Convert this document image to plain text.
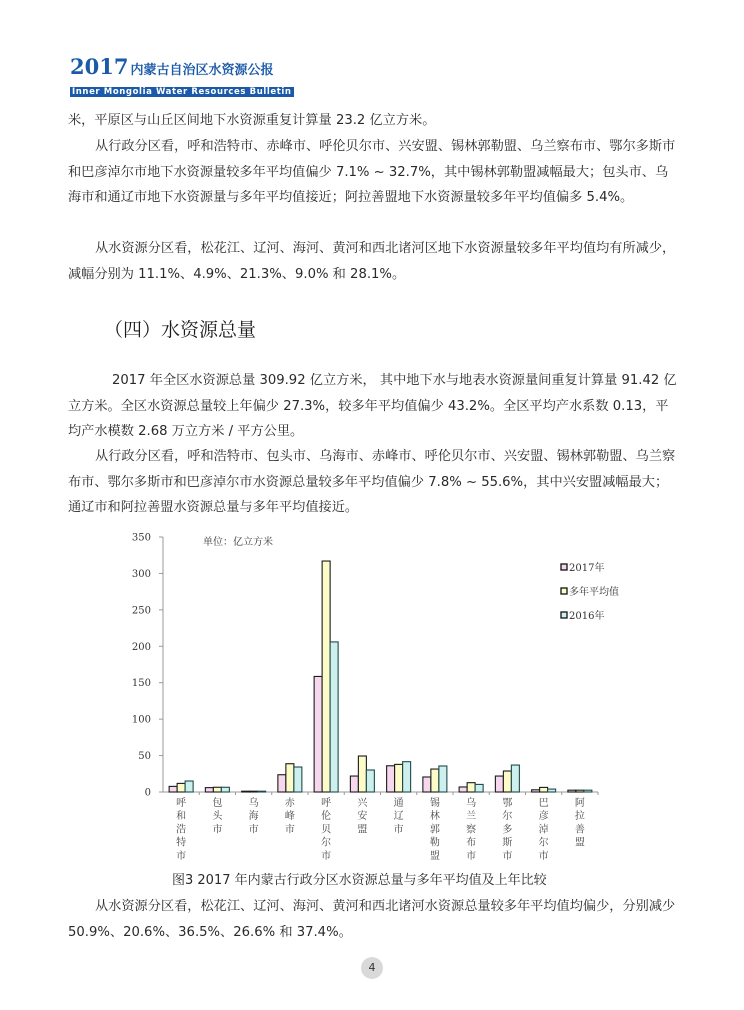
2017 内蒙古自治区水资源公报
Inner Mongolia Water Resources Bulletin
米，平原区与山丘区间地下水资源重复计算量 23.2 亿立方米。
从行政分区看，呼和浩特市、赤峰市、呼伦贝尔市、兴安盟、锡林郭勒盟、乌兰察布市、鄂尔多斯市和巴彦淖尔市地下水资源量较多年平均值偏少 7.1% ~ 32.7%，其中锡林郭勒盟减幅最大；包头市、乌海市和通辽市地下水资源量与多年平均值接近；阿拉善盟地下水资源量较多年平均值偏多 5.4%。
从水资源分区看，松花江、辽河、海河、黄河和西北诸河区地下水资源量较多年平均值均有所减少，减幅分别为 11.1%、4.9%、21.3%、9.0% 和 28.1%。
（四）水资源总量
2017 年全区水资源总量 309.92 亿立方米， 其中地下水与地表水资源量间重复计算量 91.42 亿立方米。全区水资源总量较上年偏少 27.3%，较多年平均值偏少 43.2%。全区平均产水系数 0.13，平均产水模数 2.68 万立方米 / 平方公里。
从行政分区看，呼和浩特市、包头市、乌海市、赤峰市、呼伦贝尔市、兴安盟、锡林郭勒盟、乌兰察布市、鄂尔多斯市和巴彦淖尔市水资源总量较多年平均值偏少 7.8% ~ 55.6%，其中兴安盟减幅最大；通辽市和阿拉善盟水资源总量与多年平均值接近。
0
50
100
150
200
250
300
350
呼和浩特市
包头市
乌海市
赤峰市
呼伦贝尔市
兴安盟
通辽市
锡林郭勒盟
乌兰察布市
鄂尔多斯市
巴彦淖尔市
阿拉善盟
单位：亿立方米
2017年
多年平均值
2016年
图3 2017 年内蒙古行政分区水资源总量与多年平均值及上年比较
从水资源分区看，松花江、辽河、海河、黄河和西北诸河水资源总量较多年平均值均偏少，分别减少 50.9%、20.6%、36.5%、26.6% 和 37.4%。
4
